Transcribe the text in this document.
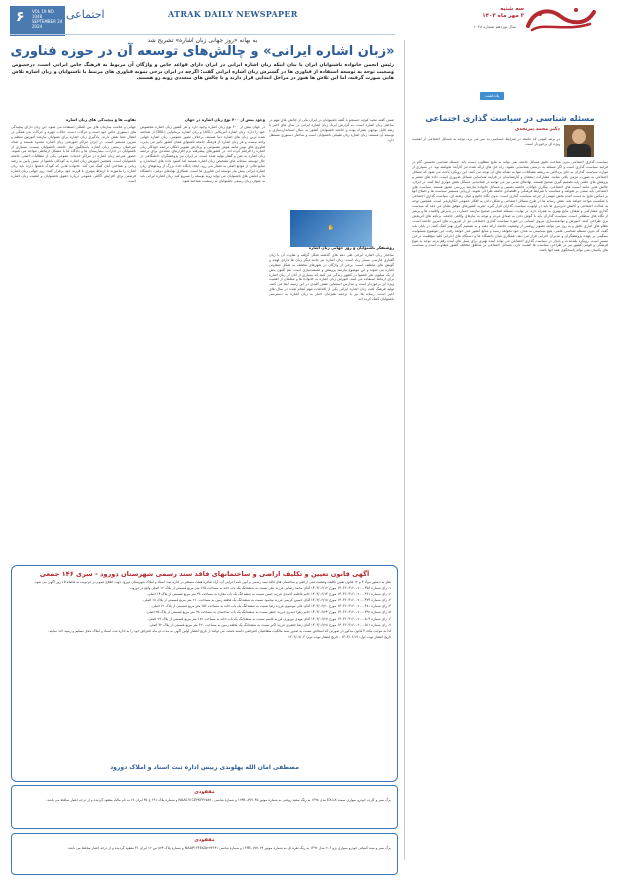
۶ VOL 19 NO 1048
SEPTEMBER 24 2024
اجتماعی	ATRAK DAILY NEWSPAPER	سه شنبه
۳ مهر ماه ۱۴۰۳
سال نوزدهم شماره ۱۰۴۸
به بهانه «روز جهانی زبان اشاره» تشریح شد
«زبان اشاره ایرانی» و چالش‌های توسعه آن در حوزه فناوری
رئیس انجمن خانواده ناشنوایان ایران با بیان اینکه زبان اشاره ایرانی در ایران دارای قواعد خاص و واژگان آن مربوط به فرهنگ خاص ایرانی است، درخصوص وضعیت توجه به توسعه استفاده از فناوری ها در گسترش زبان اشاره ایرانی گفت: اگرچه در ایران برخی نمونه فناوری های مرتبط با ناشنوایان و زبان اشاره تلاش هایی صورت گرفته، اما این تلاش ها هنوز در مراحل ابتدایی قرار دارند و با چالش های متعددی روبه رو هستند.

ضمن گفته مجید کوچه جستجو با گفته ناشنوایان در ایران یکی از چالش های مهم در ساختار زبان اشاره است. به گزارش ایرنا، زبان اشاره ایرانی در سال های اخیر با رشد قابل توجهی همراه بوده و جامعه ناشنوایان کشور به دنبال استانداردسازی و توسعه آن هستند. زبان اشاره زبان طبیعی ناشنوایان است و ساختار دستوری مستقل دارد.

✋

روشنفکر ناشنوایان و روز جهانی زبان اشاره

ساختار زبان اشاره ایرانی طی دهه های گذشته شکل گرفته و تفاوت آن با زبان گفتاری فارسی بسیار زیاد است. زبان اشاره نیز مانند دیگر زبان ها دارای لهجه و گویش های مختلف است. برخی از واژگان در شهرهای مختلف به شکل متفاوتی اشاره می شوند و این موضوع نیازمند پژوهش و مستندسازی است. هم اکنون بیش از یک میلیون نفر ناشنوا در کشور زندگی می کنند که بسیاری از آنان از زبان اشاره برای ارتباط استفاده می کنند. آموزش زبان اشاره به خانواده ها و معلمان از اهمیت ویژه ای برخوردار است و مدارس استثنایی نقش کلیدی در این زمینه ایفا می کنند. تولید فرهنگ لغت زبان اشاره ایرانی یکی از اقدامات مهم انجام شده در سال های اخیر است. رسانه ها نیز با ترجمه همزمان اخبار به زبان اشاره به دسترسی ناشنوایان کمک کرده اند.

وجود بیش از ۴۰۰ نوع زبان اشاره در جهان

در جهان بیش از ۴۰۰ نوع زبان اشاره وجود دارد و هر کشور زبان اشاره مخصوص خود را دارد. زبان اشاره آمریکایی (ASL) و زبان اشاره بریتانیایی (BSL) از شناخته شده ترین زبان های اشاره دنیا هستند. برخلاف تصور عمومی، زبان اشاره جهانی واحد نیست و هر زبان اشاره از فرهنگ جامعه ناشنوای همان کشور تاثیر می پذیرد. فناوری های نوین مانند هوش مصنوعی و پردازش تصویر امکان ترجمه خودکار زبان اشاره را فراهم کرده اند. در کشورهای پیشرفته نرم افزارهای متعددی برای ترجمه زبان اشاره به متن و گفتار تولید شده است. در ایران نیز پژوهشگران دانشگاهی در حال توسعه سامانه های تشخیص زبان اشاره هستند اما کمبود داده های استاندارد و منابع مالی از موانع اصلی به شمار می رود. ایجاد پایگاه داده بزرگ از ویدئوهای زبان اشاره ایرانی پیش نیاز توسعه این فناوری ها است. همکاری نهادهای دولتی، دانشگاه ها و انجمن های ناشنوایان می تواند روند توسعه را تسریع کند. زبان اشاره ایرانی باید به عنوان زبان رسمی ناشنوایان به رسمیت شناخته شود.

تفاوت ها و پیچیدگی های زبان اشاره

جهانی و علامت سازمان های بین المللی استفاده می شود. این زبان دارای پیچیدگی های دستوری خاص خود است و حرکات دست، حالات چهره و حرکات بدن همگی در انتقال معنا نقش دارند. یادگیری زبان اشاره برای شنوایان نیازمند آموزش منظم و تمرین مستمر است. در ایران مراکز آموزشی زبان اشاره محدود هستند و تعداد مترجمان رسمی زبان اشاره پاسخگوی نیاز جامعه ناشنوایان نیست. بسیاری از ناشنوایان در ادارات، بیمارستان ها و دادگاه ها با مشکل ارتباطی مواجه می شوند. حضور مترجم زبان اشاره در مراکز خدمات عمومی یکی از مطالبات اصلی جامعه ناشنوایان است. همچنین آموزش زبان اشاره به کودکان ناشنوا از سنین پایین به رشد زبانی و شناختی آنان کمک می کند. خانواده هایی که کودک ناشنوا دارند باید زبان اشاره را بیاموزند تا ارتباط موثری با فرزند خود برقرار کنند. روز جهانی زبان اشاره فرصتی برای افزایش آگاهی عمومی درباره حقوق ناشنوایان و اهمیت زبان اشاره است.

یادداشت
مسئله شناسی در سیاست گذاری اجتماعی
دکتر محمد پیرنجدی

در برهه کنونی که جامعه در شرایط حساسی به سر می برد، توجه به مسائل اجتماعی از اهمیت ویژه ای برخوردار است.

سیاست گذاری اجتماعی بدون شناخت دقیق مسائل جامعه نمی تواند به نتایج مطلوب دست یابد. مسئله شناسی نخستین گام در فرایند سیاست گذاری است و اگر مسئله به درستی شناسایی نشود، راه حل های ارائه شده نیز کارآمد نخواهند بود. در بسیاری از موارد، سیاست گذاران به جای پرداختن به ریشه مشکلات، تنها به نشانه های آن توجه می کنند. این رویکرد باعث می شود که مسائل اجتماعی به صورت مزمن باقی بمانند. مشارکت ذینفعان و کارشناسان در فرایند شناسایی مسائل ضروری است. داده های معتبر و پژوهش های علمی پایه تصمیم گیری صحیح هستند. نهادهای مدنی نیز می توانند در شناسایی مسائل نقش موثری ایفا کنند. در ایران، چالش هایی مانند آسیب های اجتماعی، بیکاری جوانان، حاشیه نشینی و مسائل خانواده نیازمند بررسی عمیق هستند. سیاست های اجتماعی باید مبتنی بر شواهد و متناسب با شرایط فرهنگی و اقتصادی جامعه طراحی شوند. ارزیابی مستمر سیاست ها و اصلاح آنها بر اساس نتایج به دست آمده بخش مهمی از چرخه سیاست گذاری است. بدون نگاه جامع و میان رشته ای، سیاست گذاری اجتماعی با شکست مواجه خواهد شد. نقش رسانه ها در طرح مسائل اجتماعی و شکل دادن به افکار عمومی انکارناپذیر است. همچنین توجه به عدالت اجتماعی و کاهش نابرابری ها باید در اولویت سیاست گذاران قرار گیرد. تجربه کشورهای موفق نشان می دهد که سیاست گذاری مشارکتی و شفاف نتایج بهتری به همراه دارد. در نهایت، مسئله شناسی صحیح نیازمند جسارت در پذیرش واقعیت ها و پرهیز از نگاه های سطحی است. سیاست گذاران باید با گوش دادن به صدای مردم و توجه به نیازهای واقعی جامعه، برنامه های اثربخش تری طراحی کنند. آموزش و توانمندسازی نیروی انسانی در حوزه سیاست گذاری اجتماعی نیز از ضرورت های امروز جامعه است. نظام های آماری دقیق و به روز می توانند تصویر روشنی از وضعیت جامعه ارائه دهند و به تصمیم گیری بهتر کمک کنند. در پایان باید گفت که بدون مسئله شناسی علمی، هیچ سیاستی به هدف خود نخواهد رسید و منابع کشور هدر خواهد رفت. این موضوع مسئولیت سنگینی بر عهده پژوهشگران و مدیران اجرایی قرار می دهد. همکاری میان دانشگاه ها و دستگاه های اجرایی کلید موفقیت در این مسیر است. رویکرد بلندمدت و پایدار در سیاست گذاری اجتماعی می تواند آینده بهتری برای نسل های آینده رقم بزند. توجه به تنوع فرهنگی و قومی کشور نیز در طراحی سیاست ها اهمیت دارد. مسائل اجتماعی در مناطق مختلف کشور متفاوت است و سیاست های یکسان نمی تواند پاسخگوی همه آنها باشد.

آگهی قانون تعیین و تکلیف اراضی و ساختمانهای فاقد سند رسمی شهرستان دورود - سری ۱۴۶ جمعی

نظر به دستور مواد ۳ و ۱۲ قانون تعیین تکلیف وضعیت ثبتی اراضی و ساختمان های فاقد سند رسمی و آیین نامه اجرایی آن، آراء صادره هیئت مستقر در اداره ثبت اسناد و املاک شهرستان دورود جهت اطلاع عموم در دو نوبت به فاصله ۱۵ روز آگهی می شود.

۱- رای شماره ۱۴۰۳۶۰۳۱۶۰۰۲۰۰۰۴۵۶ مورخ ۱۴۰۳/۰۶/۱۲ آقای محمد رضایی فرزند علی نسبت به ششدانگ یک باب خانه به مساحت ۱۲۵ متر مربع قسمتی از پلاک ۱۲ اصلی واقع در دورود.

۲- رای شماره ۱۴۰۳۶۰۳۱۶۰۰۲۰۰۰۴۶۱ مورخ ۱۴۰۳/۰۶/۱۴ خانم فاطمه احمدی فرزند حسن نسبت به ششدانگ یک باب مغازه به مساحت ۴۸ متر مربع قسمتی از پلاک ۱۴ اصلی.

۳- رای شماره ۱۴۰۳۶۰۳۱۶۰۰۲۰۰۰۴۷۳ مورخ ۱۴۰۳/۰۶/۱۸ آقای حسین کریمی فرزند محمود نسبت به ششدانگ یک قطعه زمین به مساحت ۲۱۰ متر مربع قسمتی از پلاک ۱۸ اصلی.

۴- رای شماره ۱۴۰۳۶۰۳۱۶۰۰۲۰۰۰۴۸۰ مورخ ۱۴۰۳/۰۶/۲۰ آقای علی موسوی فرزند رضا نسبت به ششدانگ یک باب خانه به مساحت ۱۵۶ متر مربع قسمتی از پلاک ۲۱ اصلی.

۵- رای شماره ۱۴۰۳۶۰۳۱۶۰۰۲۰۰۰۴۹۲ مورخ ۱۴۰۳/۰۶/۲۴ خانم زهرا حیدری فرزند جعفر نسبت به ششدانگ یک باب ساختمان به مساحت ۹۸ متر مربع قسمتی از پلاک ۲۵ اصلی.

۶- رای شماره ۱۴۰۳۶۰۳۱۶۰۰۲۰۰۰۵۰۴ مورخ ۱۴۰۳/۰۶/۲۷ آقای مهدی نوروزی فرزند قاسم نسبت به ششدانگ یک باب خانه به مساحت ۱۸۲ متر مربع قسمتی از پلاک ۲۹ اصلی.

۷- رای شماره ۱۴۰۳۶۰۳۱۶۰۰۲۰۰۰۵۱۱ مورخ ۱۴۰۳/۰۶/۲۸ آقای رضا جعفری فرزند اکبر نسبت به ششدانگ یک قطعه زمین به مساحت ۳۲۰ متر مربع قسمتی از پلاک ۳۲ اصلی.

لذا به موجب ماده ۳ قانون مذکور در صورتی که اشخاص نسبت به صدور سند مالکیت متقاضیان اعتراضی داشته باشند، می توانند از تاریخ انتشار اولین آگهی به مدت دو ماه اعتراض خود را به اداره ثبت اسناد و املاک محل تسلیم و رسید اخذ نمایند.

تاریخ انتشار نوبت اول: ۱۴۰۳/۰۶/۱۹ - تاریخ انتشار نوبت دوم: ۱۴۰۳/۰۷/۰۳

مصطفی امان الله پهلوندی رییس اداره ثبت اسناد و املاک دورود
مفقودی
برگ سبز و کارت خودرو سواری سمند EX-LX مدل ۱۳۹۸ به رنگ سفید روغنی به شماره موتور ۱۲۴K۰۸۹۹۰۴۵ و شماره شاسی NAAC۹۱CE۴KF۴۶۵۸۷۰ و شماره پلاک ۶۹۱ ج ۴۵ ایران ۱۷ به نام مالک مفقود گردیده و از درجه اعتبار ساقط می باشد.
مفقودی
برگ سبز و سند کمپانی خودرو سواری پژو ۲۰۶ مدل ۱۳۹۲ به رنگ نقره ای به شماره موتور ۱۶۳B۰۱۷۷۰۲۴ و شماره شاسی NAAP۱۳FE۸DJ۲۷۳۶۴۱ و شماره پلاک ۸۲۴ س ۱۲ ایران ۳۱ مفقود گردیده و از درجه اعتبار ساقط می باشد.
